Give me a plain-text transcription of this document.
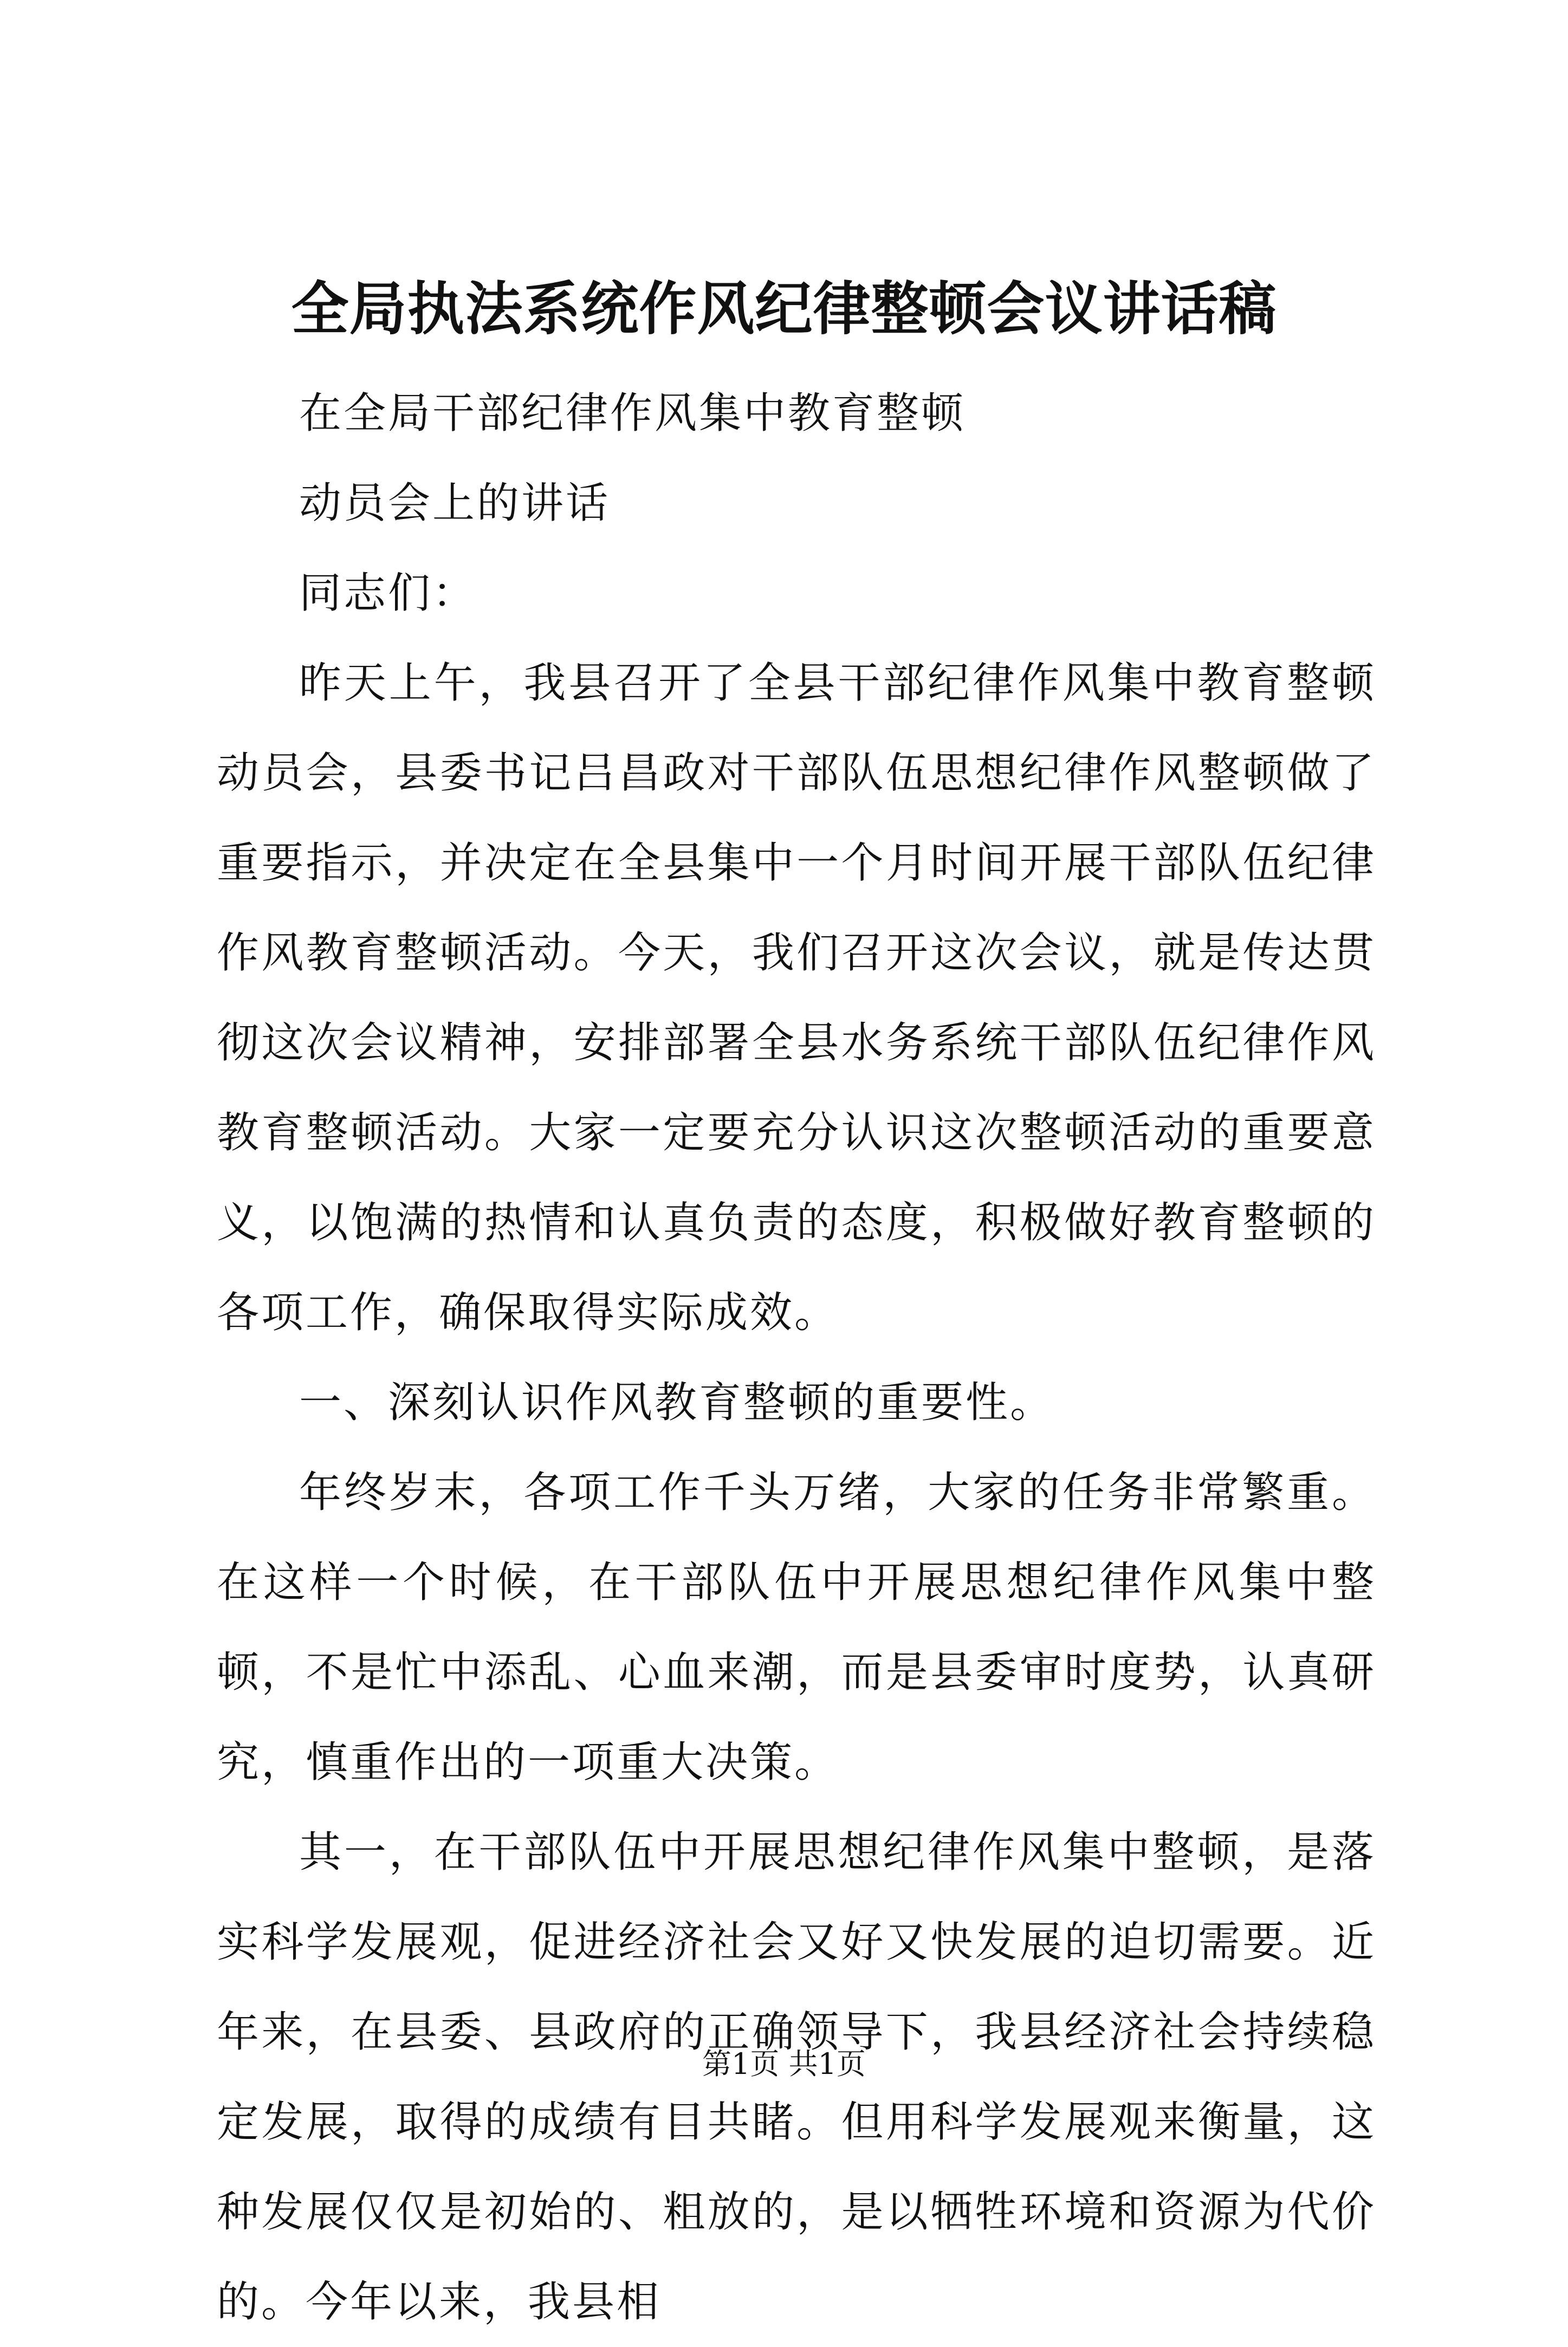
全局执法系统作风纪律整顿会议讲话稿

在全局干部纪律作风集中教育整顿

动员会上的讲话

同志们：

昨天上午，我县召开了全县干部纪律作风集中教育整顿动员会，县委书记吕昌政对干部队伍思想纪律作风整顿做了重要指示，并决定在全县集中一个月时间开展干部队伍纪律作风教育整顿活动。今天，我们召开这次会议，就是传达贯彻这次会议精神，安排部署全县水务系统干部队伍纪律作风教育整顿活动。大家一定要充分认识这次整顿活动的重要意义，以饱满的热情和认真负责的态度，积极做好教育整顿的各项工作，确保取得实际成效。

一、深刻认识作风教育整顿的重要性。

年终岁末，各项工作千头万绪，大家的任务非常繁重。在这样一个时候，在干部队伍中开展思想纪律作风集中整顿，不是忙中添乱、心血来潮，而是县委审时度势，认真研究，慎重作出的一项重大决策。

其一，在干部队伍中开展思想纪律作风集中整顿，是落实科学发展观，促进经济社会又好又快发展的迫切需要。近年来，在县委、县政府的正确领导下，我县经济社会持续稳定发展，取得的成绩有目共睹。但用科学发展观来衡量，这种发展仅仅是初始的、粗放的，是以牺牲环境和资源为代价的。今年以来，我县相

第1页 共1页
